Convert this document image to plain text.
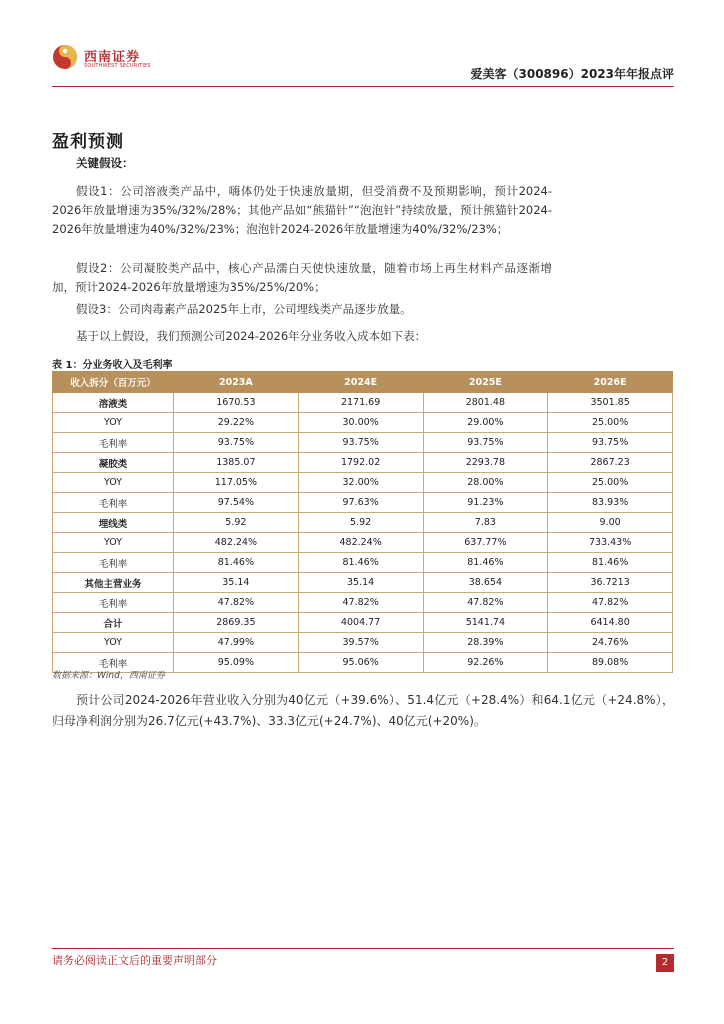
西南证券
SOUTHWEST SECURITIES
爱美客（300896）2023年年报点评
盈利预测
关键假设：
假设1：公司溶液类产品中，嗨体仍处于快速放量期，但受消费不及预期影响，预计2024-2026年放量增速为35%/32%/28%；其他产品如“熊猫针”“泡泡针”持续放量，预计熊猫针2024-2026年放量增速为40%/32%/23%；泡泡针2024-2026年放量增速为40%/32%/23%；
假设2：公司凝胶类产品中，核心产品濡白天使快速放量，随着市场上再生材料产品逐渐增加，预计2024-2026年放量增速为35%/25%/20%；
假设3：公司肉毒素产品2025年上市，公司埋线类产品逐步放量。
基于以上假设，我们预测公司2024-2026年分业务收入成本如下表：
表 1：分业务收入及毛利率
收入拆分（百万元）	2023A	2024E	2025E	2026E
溶液类	1670.53	2171.69	2801.48	3501.85
YOY	29.22%	30.00%	29.00%	25.00%
毛利率	93.75%	93.75%	93.75%	93.75%
凝胶类	1385.07	1792.02	2293.78	2867.23
YOY	117.05%	32.00%	28.00%	25.00%
毛利率	97.54%	97.63%	91.23%	83.93%
埋线类	5.92	5.92	7.83	9.00
YOY	482.24%	482.24%	637.77%	733.43%
毛利率	81.46%	81.46%	81.46%	81.46%
其他主营业务	35.14	35.14	38.654	36.7213
毛利率	47.82%	47.82%	47.82%	47.82%
合计	2869.35	4004.77	5141.74	6414.80
YOY	47.99%	39.57%	28.39%	24.76%
毛利率	95.09%	95.06%	92.26%	89.08%
数据来源：Wind，西南证券
预计公司2024-2026年营业收入分别为40亿元（+39.6%）、51.4亿元（+28.4%）和64.1亿元（+24.8%），归母净利润分别为26.7亿元(+43.7%)、33.3亿元(+24.7%)、40亿元(+20%)。
请务必阅读正文后的重要声明部分	2
